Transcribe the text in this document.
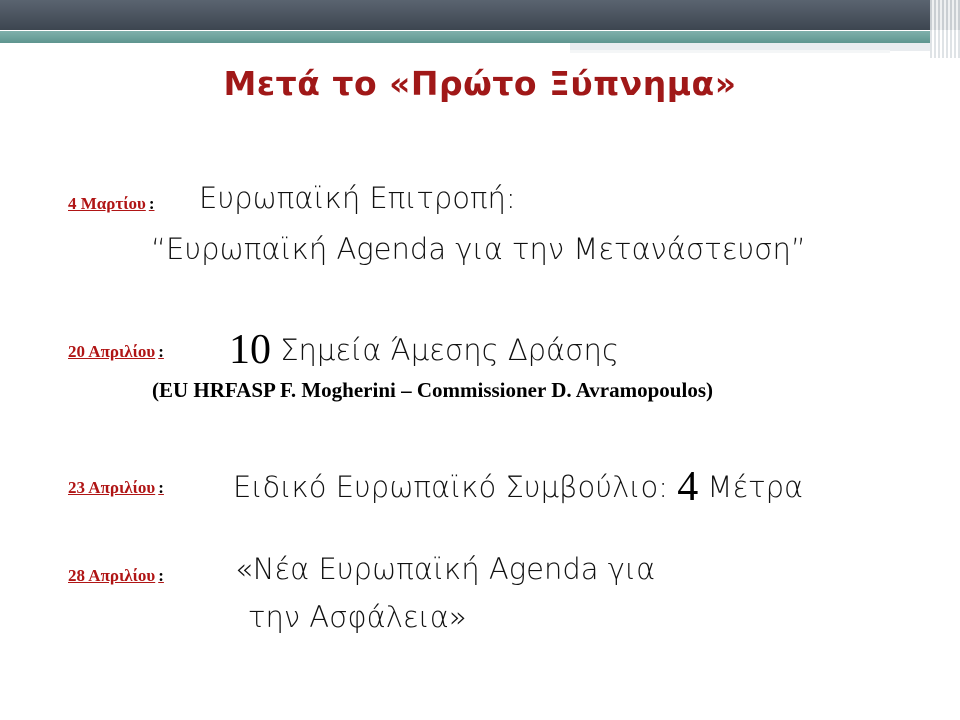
Μετά το «Πρώτο Ξύπνημα»
4 Μαρτίου : Ευρωπαϊκή Επιτροπή:
“Ευρωπαϊκή Agenda για την Μετανάστευση”
20 Απριλίου : 10 Σημεία Άμεσης Δράσης
(EU HRFASP F. Mogherini – Commissioner D. Avramopoulos)
23 Απριλίου : Ειδικό Ευρωπαϊκό Συμβούλιο: 4 Μέτρα
28 Απριλίου : «Νέα Ευρωπαϊκή Agenda για
την Ασφάλεια»
